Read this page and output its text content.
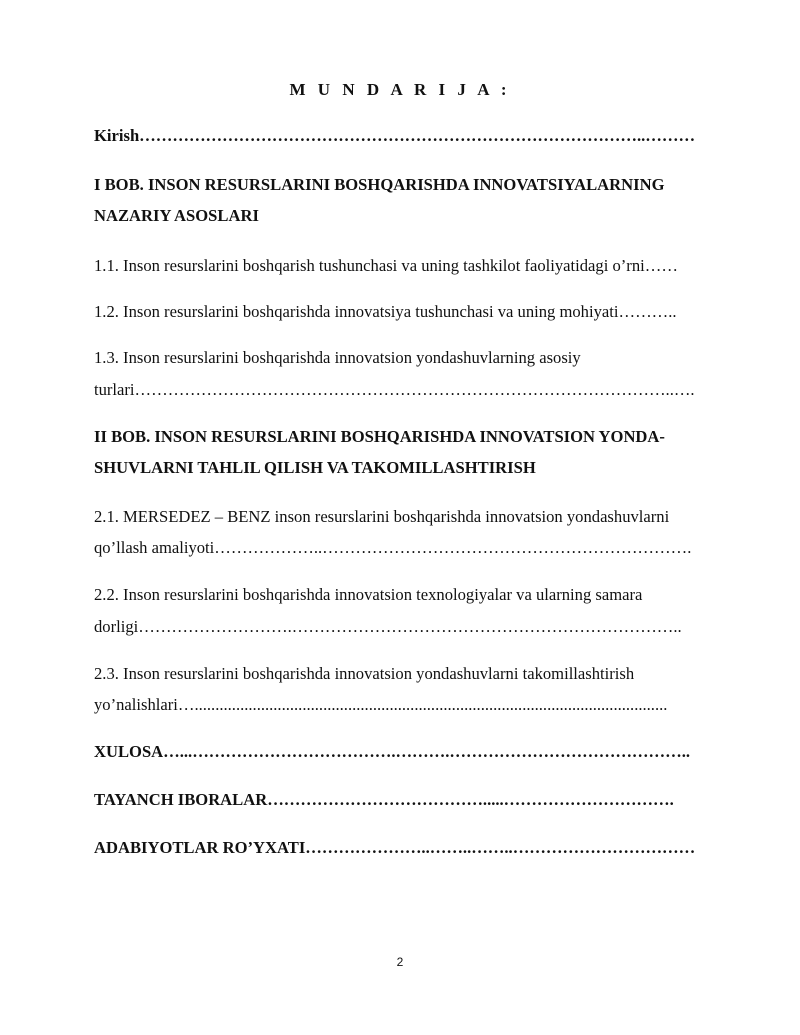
M U N D A R I J A :
Kirish………………………………………………………………………………..………
I BOB. INSON RESURSLARINI BOSHQARISHDA INNOVATSIYALARNING
NAZARIY ASOSLARI
1.1. Inson resurslarini boshqarish tushunchasi va uning tashkilot faoliyatidagi o’rni……
1.2. Inson resurslarini boshqarishda innovatsiya tushunchasi va uning mohiyati………..
1.3. Inson resurslarini boshqarishda innovatsion yondashuvlarning asosiy
turlari……………………………………………………………………………………..….
II BOB. INSON RESURSLARINI BOSHQARISHDA INNOVATSION YONDA-
SHUVLARNI TAHLIL QILISH VA TAKOMILLASHTIRISH
2.1. MERSEDEZ – BENZ inson resurslarini boshqarishda innovatsion yondashuvlarni
qo’llash amaliyoti………………..………………………………………………………….
2.2. Inson resurslarini boshqarishda innovatsion texnologiyalar va ularning samara
dorligi……………………….……………………………………………………………..
2.3. Inson resurslarini boshqarishda innovatsion yondashuvlarni takomillashtirish
yo’nalishlari…..................................................................................................................
XULOSA…...……………………………….……….……………………………………..
TAYANCH IBORALAR………………………………….....………………………….
ADABIYOTLAR RO’YXATI…………………..……..……..……………………………
2
